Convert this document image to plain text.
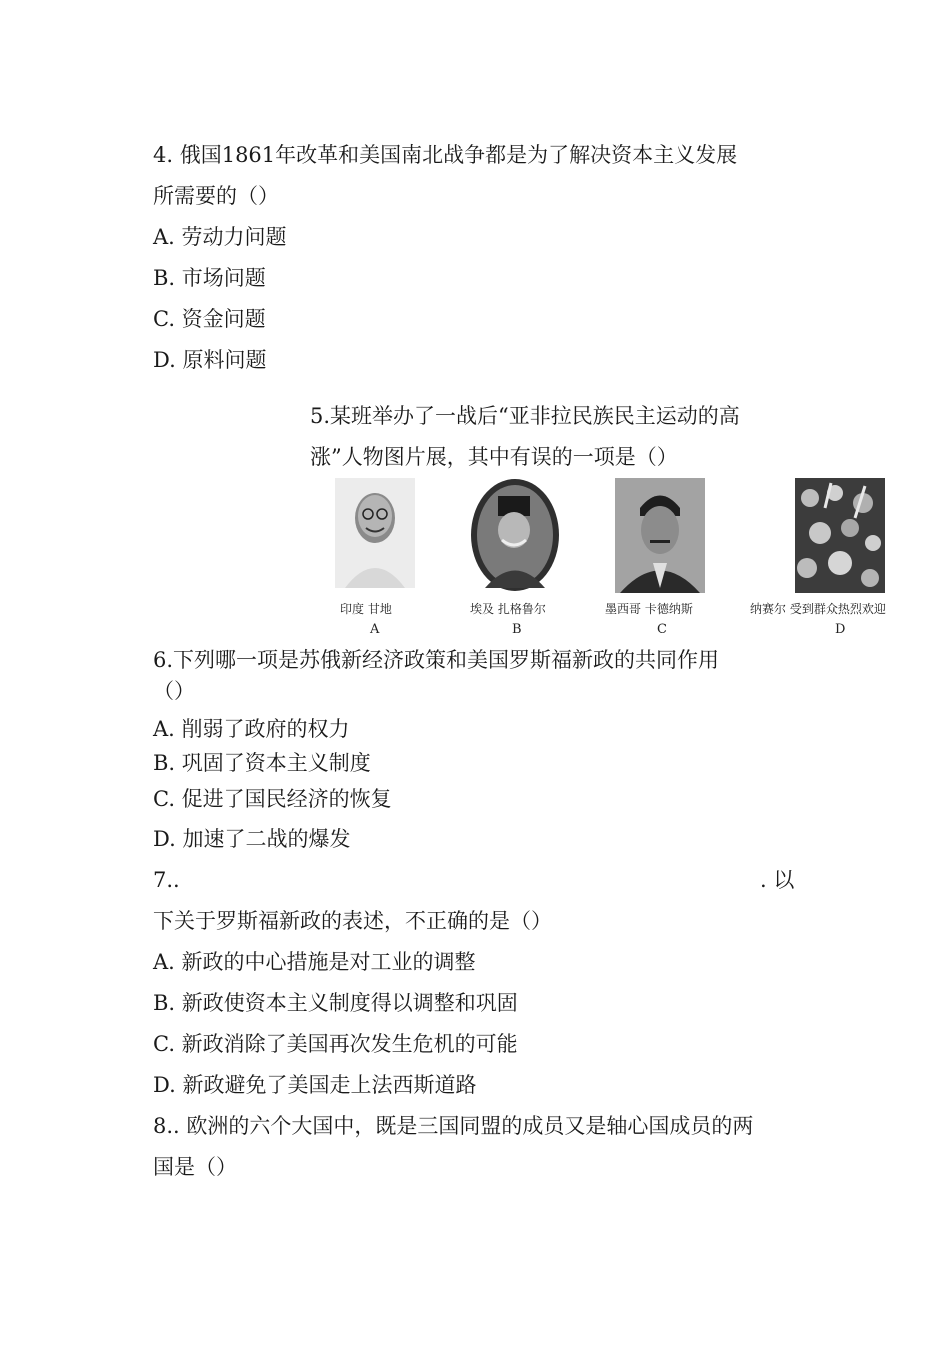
4. 俄国1861年改革和美国南北战争都是为了解决资本主义发展
所需要的（）
A. 劳动力问题
B. 市场问题
C. 资金问题
D. 原料问题
5.某班举办了一战后“亚非拉民族民主运动的高
涨”人物图片展，其中有误的一项是（）
印度 甘地
A
埃及 扎格鲁尔
B
墨西哥 卡德纳斯
C
纳赛尔 受到群众热烈欢迎
D
6.下列哪一项是苏俄新经济政策和美国罗斯福新政的共同作用
（）
A. 削弱了政府的权力
B. 巩固了资本主义制度
C. 促进了国民经济的恢复
D. 加速了二战的爆发
7..	. 以
下关于罗斯福新政的表述，不正确的是（）
A. 新政的中心措施是对工业的调整
B. 新政使资本主义制度得以调整和巩固
C. 新政消除了美国再次发生危机的可能
D. 新政避免了美国走上法西斯道路
8.. 欧洲的六个大国中，既是三国同盟的成员又是轴心国成员的两
国是（）
